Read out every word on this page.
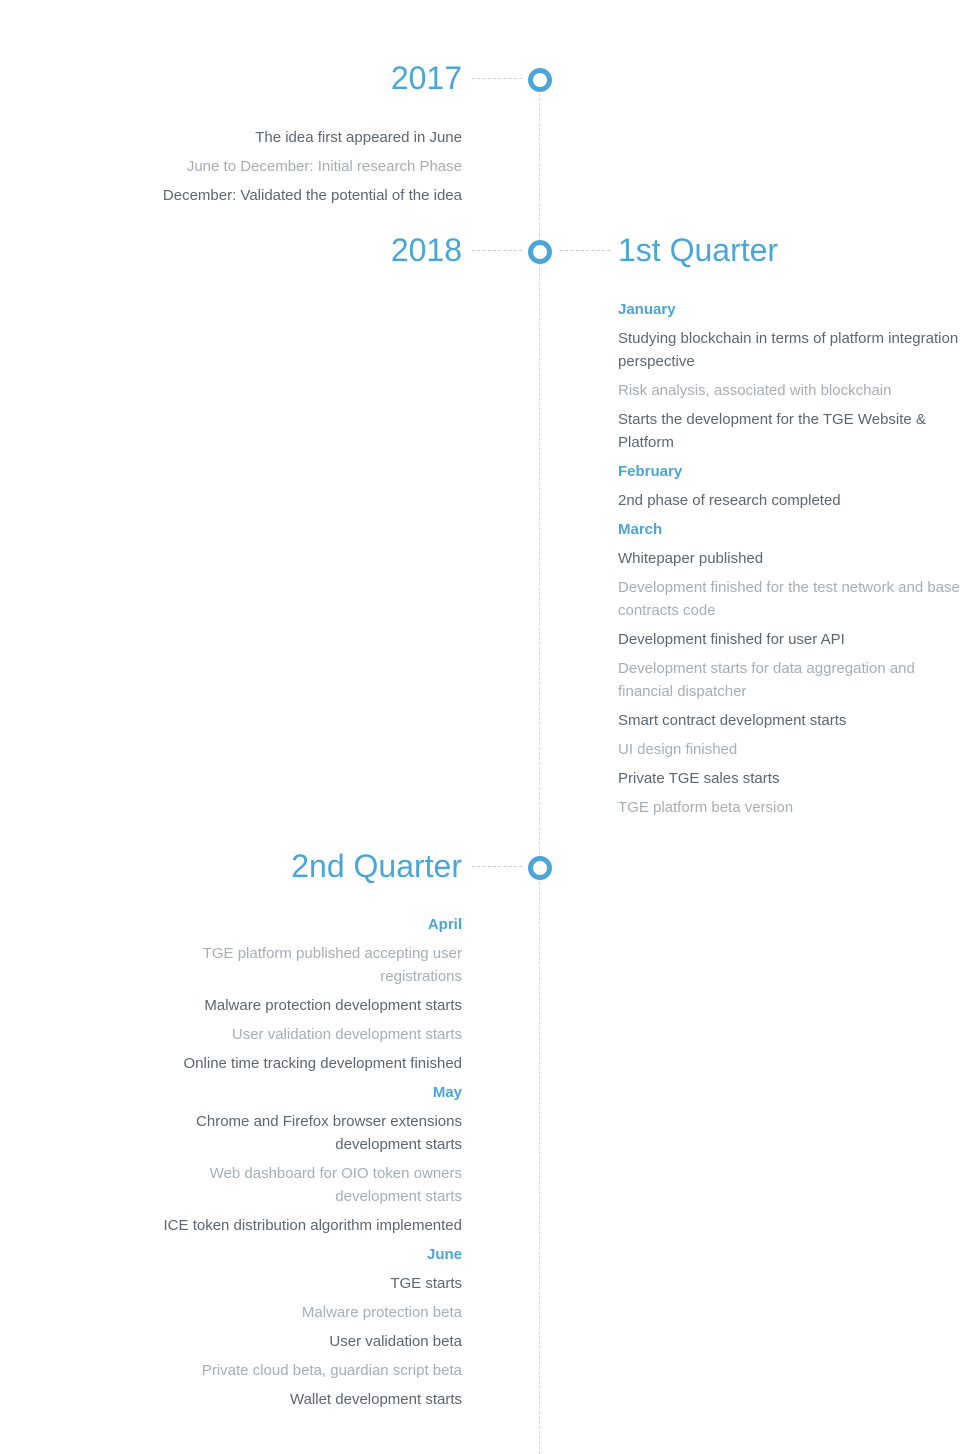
2017
The idea first appeared in June
June to December: Initial research Phase
December: Validated the potential of the idea
2018	1st Quarter
January
Studying blockchain in terms of platform integration perspective
Risk analysis, associated with blockchain
Starts the development for the TGE Website & Platform
February
2nd phase of research completed
March
Whitepaper published
Development finished for the test network and base contracts code
Development finished for user API
Development starts for data aggregation and financial dispatcher
Smart contract development starts
UI design finished
Private TGE sales starts
TGE platform beta version
2nd Quarter
April
TGE platform published accepting user registrations
Malware protection development starts
User validation development starts
Online time tracking development finished
May
Chrome and Firefox browser extensions development starts
Web dashboard for OIO token owners development starts
ICE token distribution algorithm implemented
June
TGE starts
Malware protection beta
User validation beta
Private cloud beta, guardian script beta
Wallet development starts
